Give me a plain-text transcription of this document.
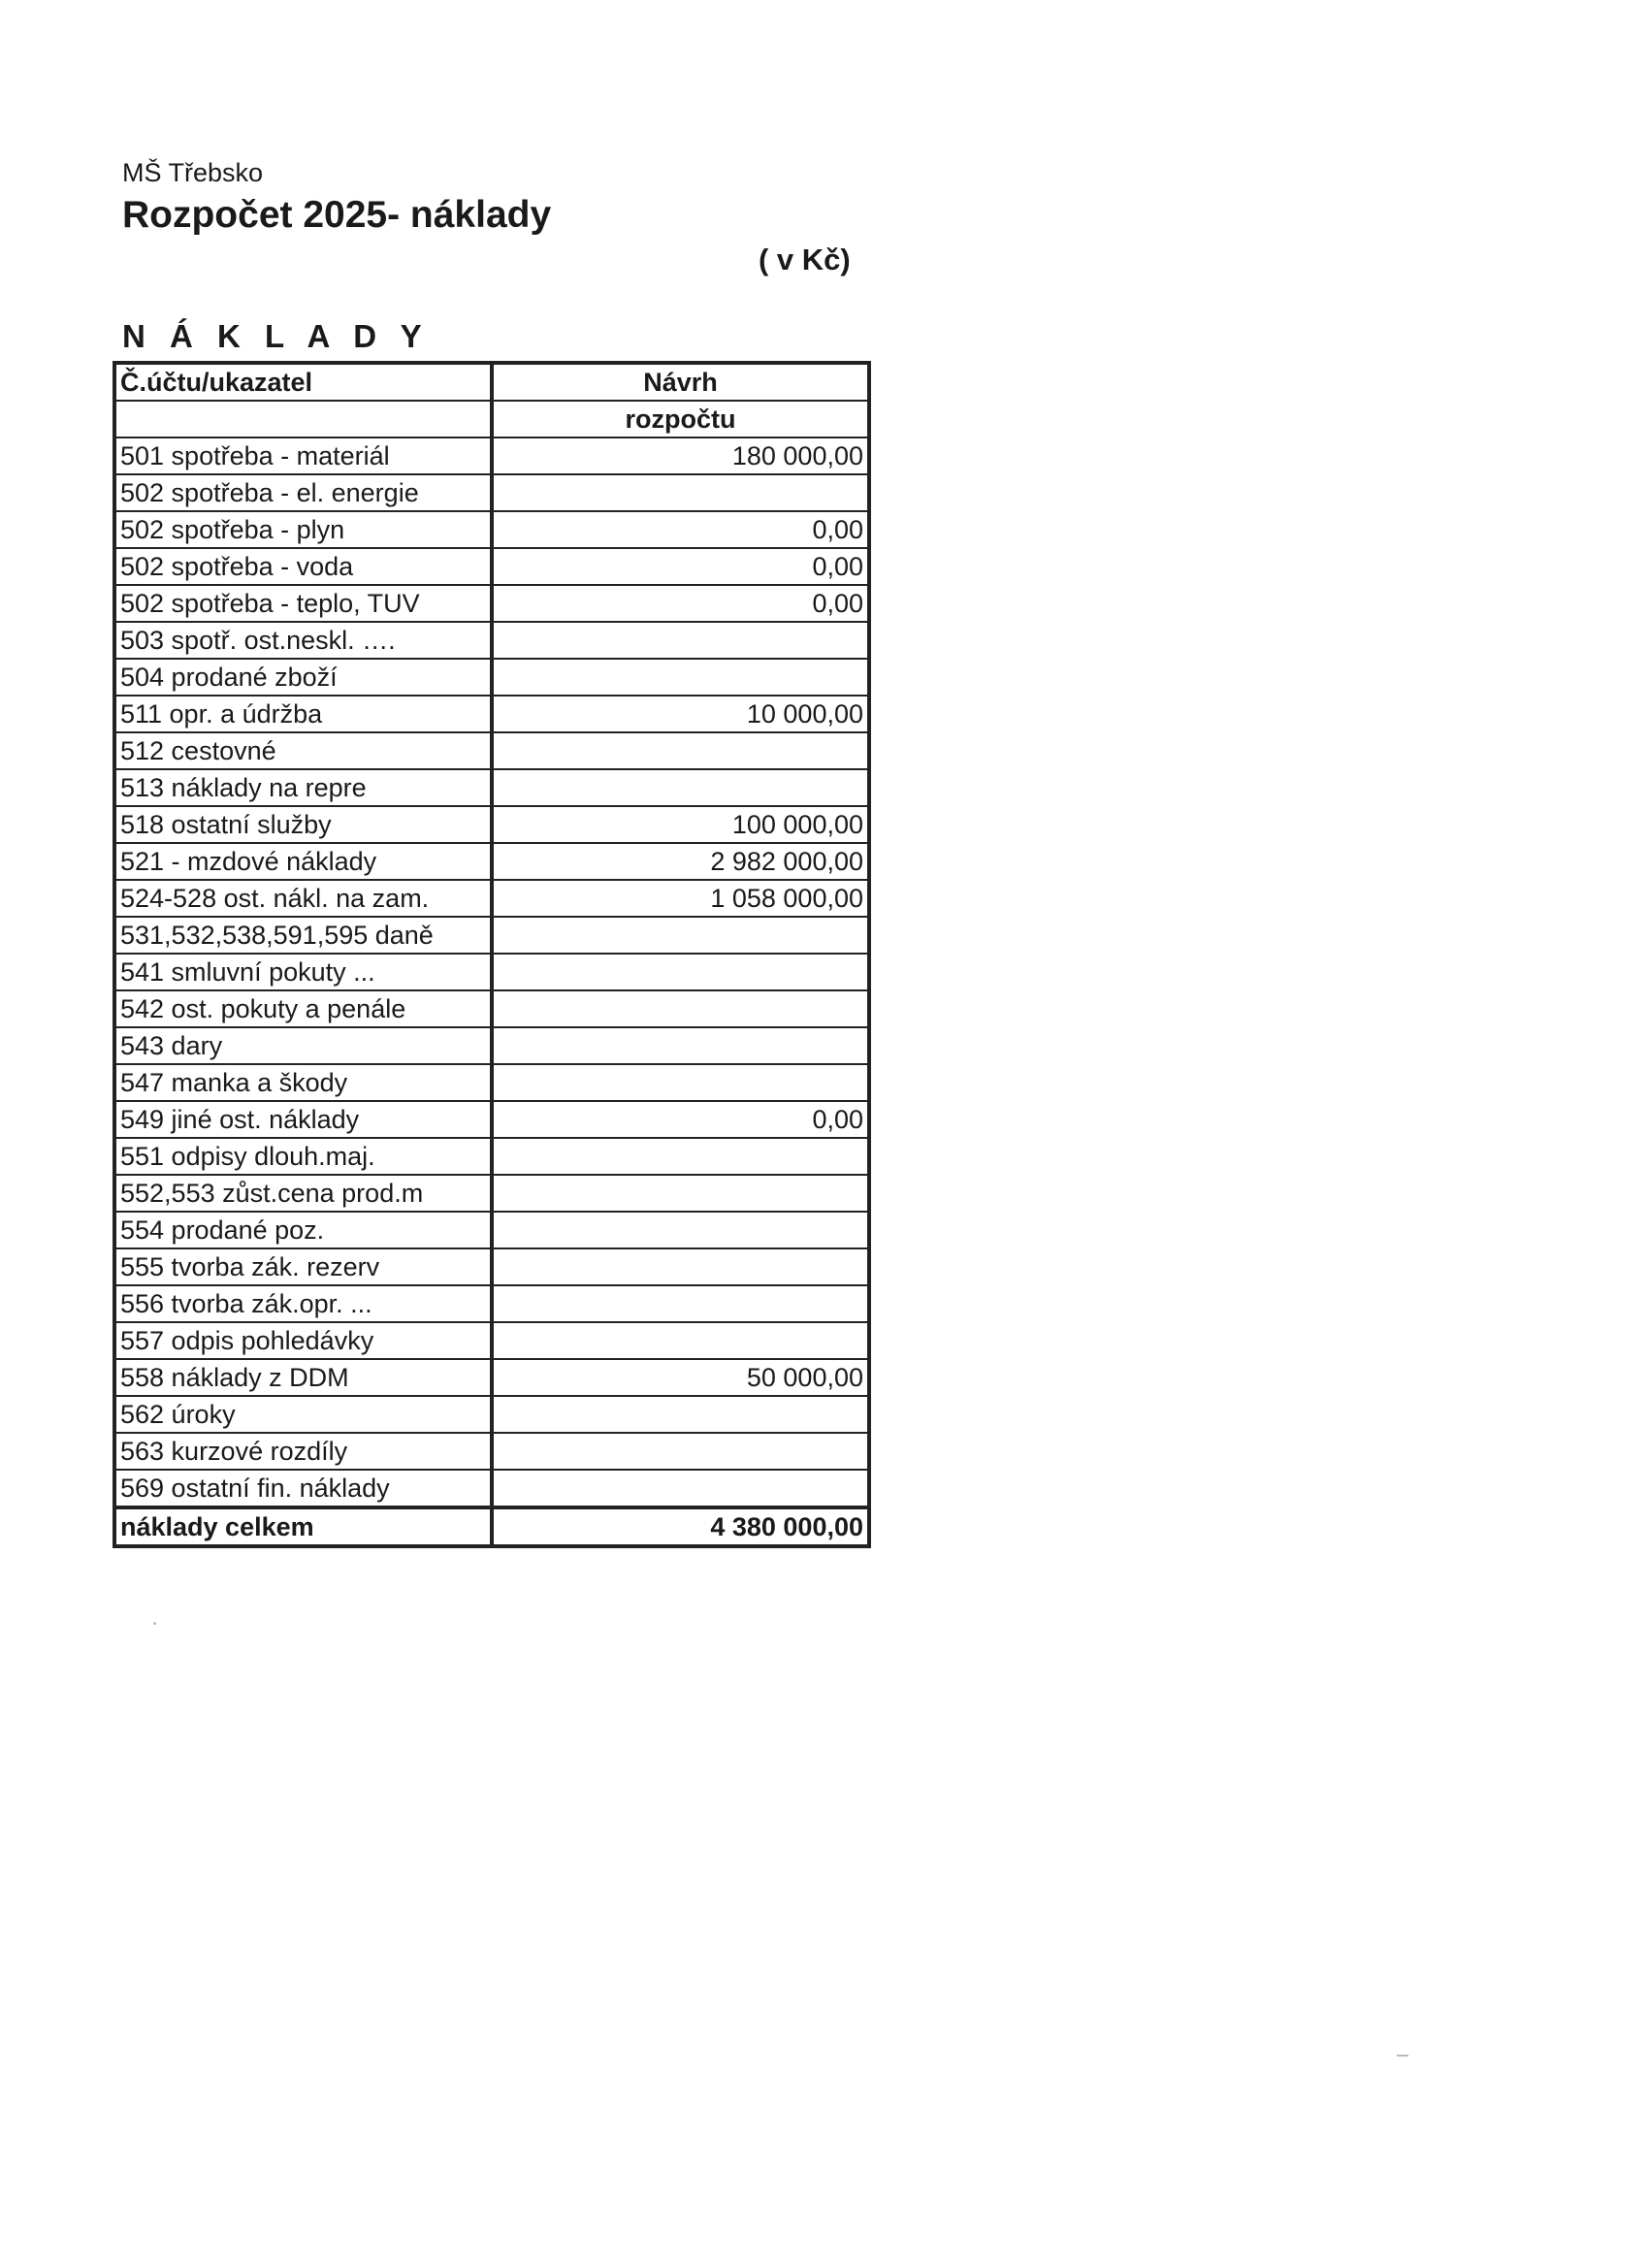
MŠ Třebsko
Rozpočet 2025- náklady
( v Kč)
N Á K L A D Y
Č.účtu/ukazatel	Návrh
	rozpočtu
501 spotřeba - materiál	180 000,00
502 spotřeba - el. energie	
502 spotřeba - plyn	0,00
502 spotřeba - voda	0,00
502 spotřeba - teplo, TUV	0,00
503 spotř. ost.neskl. ….	
504 prodané zboží	
511 opr. a údržba	10 000,00
512 cestovné	
513 náklady na repre	
518 ostatní služby	100 000,00
521 - mzdové náklady	2 982 000,00
524-528 ost. nákl. na zam.	1 058 000,00
531,532,538,591,595 daně	
541 smluvní pokuty ...	
542 ost. pokuty a penále	
543 dary	
547 manka a škody	
549 jiné ost. náklady	0,00
551 odpisy dlouh.maj.	
552,553 zůst.cena prod.m	
554 prodané poz.	
555 tvorba zák. rezerv	
556 tvorba zák.opr. ...	
557 odpis pohledávky	
558 náklady z DDM	50 000,00
562 úroky	
563 kurzové rozdíly	
569 ostatní fin. náklady	
náklady celkem	4 380 000,00
